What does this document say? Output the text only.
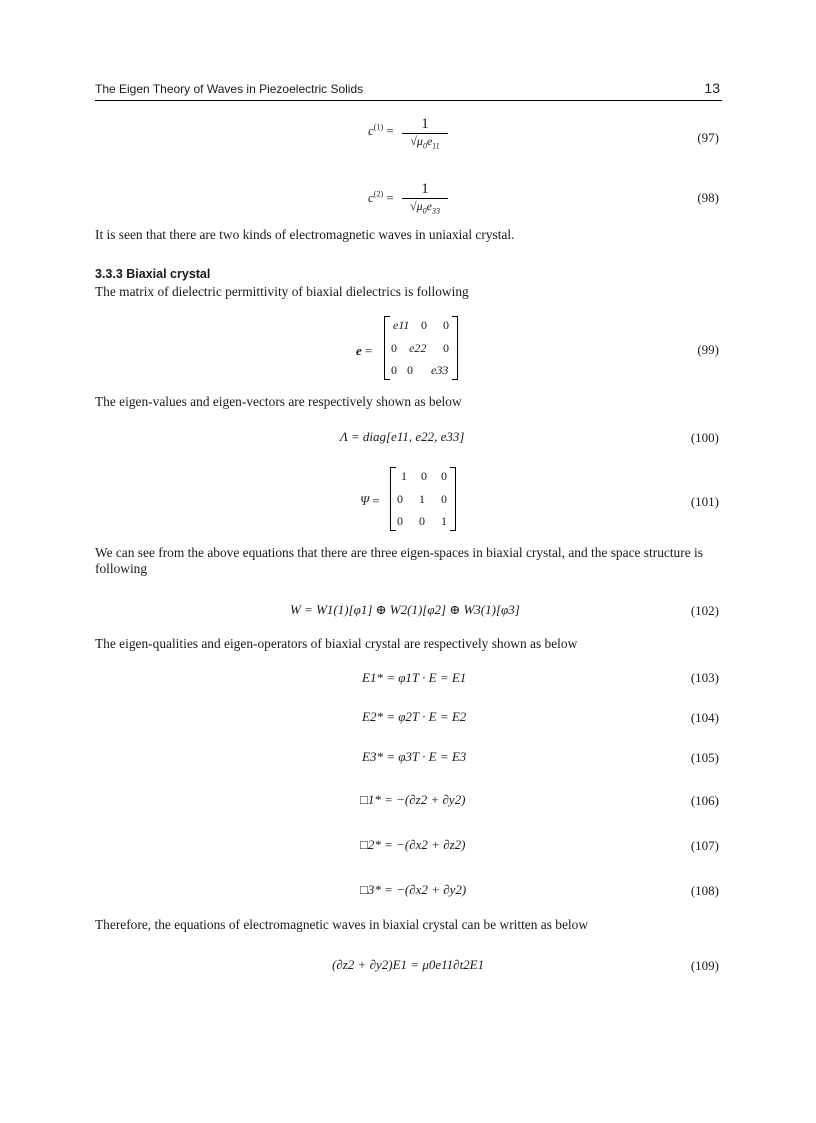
The Eigen Theory of Waves in Piezoelectric Solids	13
$c^{(1)}$ =	1
$√\mu_0e_{11}$
(97)
$c^{(2)}$ =
1
$√\mu_0e_{33}$
(98)
It is seen that there are two kinds of electromagnetic waves in uniaxial crystal.
3.3.3 Biaxial crystal
The matrix of dielectric permittivity of biaxial dielectrics is following
e =
e11 0 0
0 e22 0
0 0 e33
(99)
The eigen-values and eigen-vectors are respectively shown as below
Λ = diag[e11, e22, e33]	(100)
Ψ =
1 0 0
0 1 0
0 0 1
(101)
We can see from the above equations that there are three eigen-spaces in biaxial crystal, and the space structure is following
W = W1(1)[φ1] ⊕ W2(1)[φ2] ⊕ W3(1)[φ3]	(102)
The eigen-qualities and eigen-operators of biaxial crystal are respectively shown as below
E1* = φ1T · E = E1	(103)
E2* = φ2T · E = E2	(104)
E3* = φ3T · E = E3	(105)
□1* = −(∂z2 + ∂y2)	(106)
□2* = −(∂x2 + ∂z2)	(107)
□3* = −(∂x2 + ∂y2)	(108)
Therefore, the equations of electromagnetic waves in biaxial crystal can be written as below
(∂z2 + ∂y2)E1 = μ0e11∂t2E1	(109)
